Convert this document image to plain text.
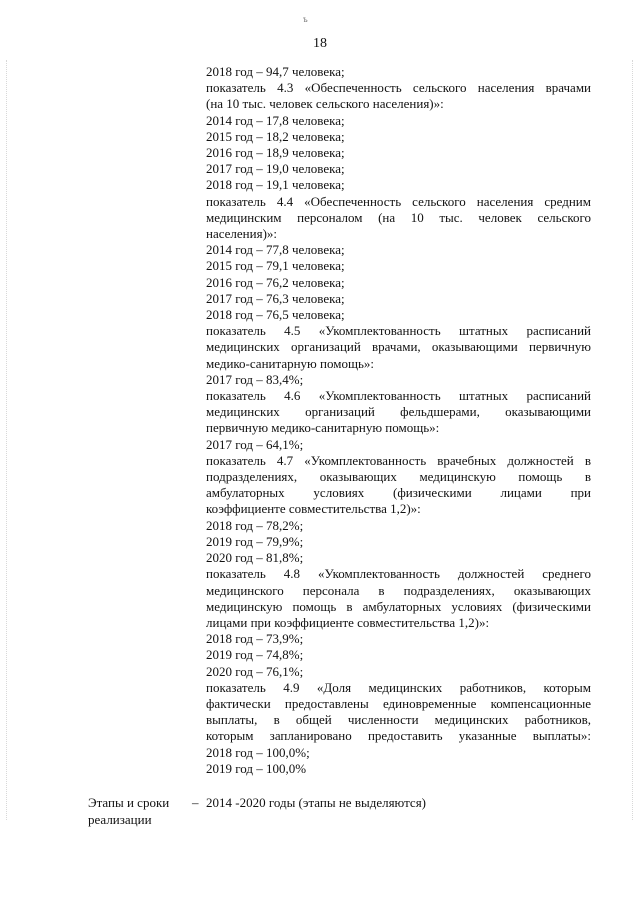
ъ
18
2018 год – 94,7 человека;
показатель 4.3 «Обеспеченность сельского населения врачами
(на 10 тыс. человек сельского населения)»:
2014 год – 17,8 человека;
2015 год – 18,2 человека;
2016 год – 18,9 человека;
2017 год – 19,0 человека;
2018 год – 19,1 человека;
показатель 4.4 «Обеспеченность сельского населения средним
медицинским персоналом (на 10 тыс. человек сельского
населения)»:
2014 год – 77,8 человека;
2015 год – 79,1 человека;
2016 год – 76,2 человека;
2017 год – 76,3 человека;
2018 год – 76,5 человека;
показатель 4.5 «Укомплектованность штатных расписаний
медицинских организаций врачами, оказывающими первичную
медико-санитарную помощь»:
2017 год – 83,4%;
показатель 4.6 «Укомплектованность штатных расписаний
медицинских организаций фельдшерами, оказывающими
первичную медико-санитарную помощь»:
2017 год – 64,1%;
показатель 4.7 «Укомплектованность врачебных должностей в
подразделениях, оказывающих медицинскую помощь в
амбулаторных условиях (физическими лицами при
коэффициенте совместительства 1,2)»:
2018 год – 78,2%;
2019 год – 79,9%;
2020 год – 81,8%;
показатель 4.8 «Укомплектованность должностей среднего
медицинского персонала в подразделениях, оказывающих
медицинскую помощь в амбулаторных условиях (физическими
лицами при коэффициенте совместительства 1,2)»:
2018 год – 73,9%;
2019 год – 74,8%;
2020 год – 76,1%;
показатель 4.9 «Доля медицинских работников, которым
фактически предоставлены единовременные компенсационные
выплаты, в общей численности медицинских работников,
которым запланировано предоставить указанные выплаты»:
2018 год – 100,0%;
2019 год – 100,0%
Этапы и сроки
реализации
– 2014 -2020 годы (этапы не выделяются)
